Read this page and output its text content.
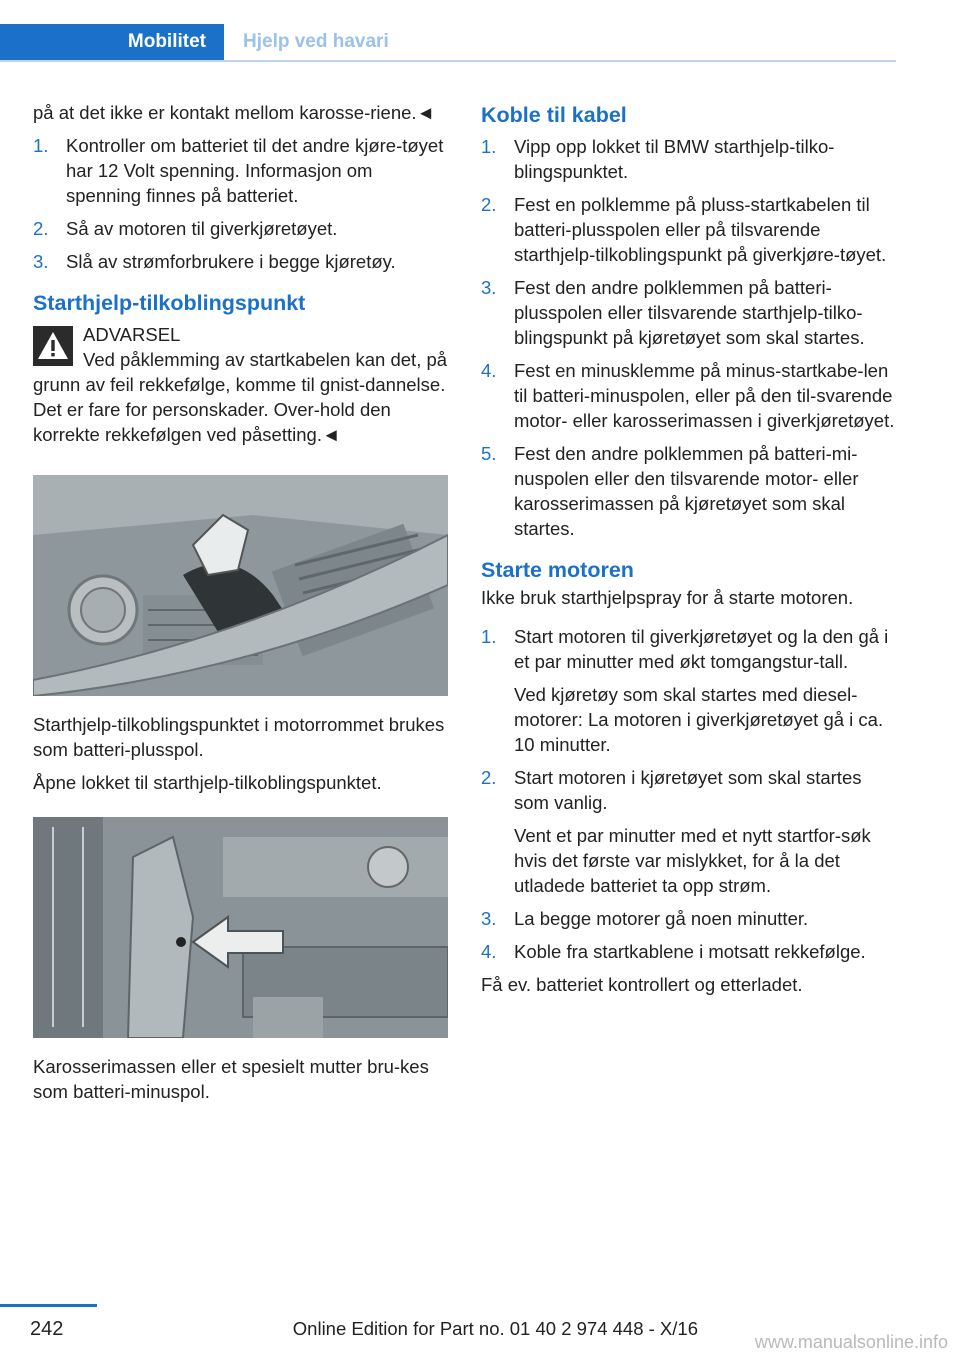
Mobilitet	Hjelp ved havari

på at det ikke er kontakt mellom karosse-riene.◄

1. Kontroller om batteriet til det andre kjøre-tøyet har 12 Volt spenning. Informasjon om spenning finnes på batteriet.
2. Så av motoren til giverkjøretøyet.
3. Slå av strømforbrukere i begge kjøretøy.
Starthjelp-tilkoblingspunkt
ADVARSEL
Ved påklemming av startkabelen kan det, på grunn av feil rekkefølge, komme til gnist-dannelse. Det er fare for personskader. Over-hold den korrekte rekkefølgen ved påsetting.◄

Starthjelp-tilkoblingspunktet i motorrommet brukes som batteri-plusspol.

Åpne lokket til starthjelp-tilkoblingspunktet.

Karosserimassen eller et spesielt mutter bru-kes som batteri-minuspol.

Koble til kabel
1. Vipp opp lokket til BMW starthjelp-tilko-blingspunktet.
2. Fest en polklemme på pluss-startkabelen til batteri-plusspolen eller på tilsvarende starthjelp-tilkoblingspunkt på giverkjøre-tøyet.
3. Fest den andre polklemmen på batteri-plusspolen eller tilsvarende starthjelp-tilko-blingspunkt på kjøretøyet som skal startes.
4. Fest en minusklemme på minus-startkabe-len til batteri-minuspolen, eller på den til-svarende motor- eller karosserimassen i giverkjøretøyet.
5. Fest den andre polklemmen på batteri-mi-nuspolen eller den tilsvarende motor- eller karosserimassen på kjøretøyet som skal startes.
Starte motoren

Ikke bruk starthjelpspray for å starte motoren.

1. Start motoren til giverkjøretøyet og la den gå i et par minutter med økt tomgangstur-tall.

Ved kjøretøy som skal startes med diesel-motorer: La motoren i giverkjøretøyet gå i ca. 10 minutter.

2. Start motoren i kjøretøyet som skal startes som vanlig.

Vent et par minutter med et nytt startfor-søk hvis det første var mislykket, for å la det utladede batteriet ta opp strøm.

3. La begge motorer gå noen minutter.
4. Koble fra startkablene i motsatt rekkefølge.

Få ev. batteriet kontrollert og etterladet.

242	Online Edition for Part no. 01 40 2 974 448 - X/16
www.manualsonline.info
